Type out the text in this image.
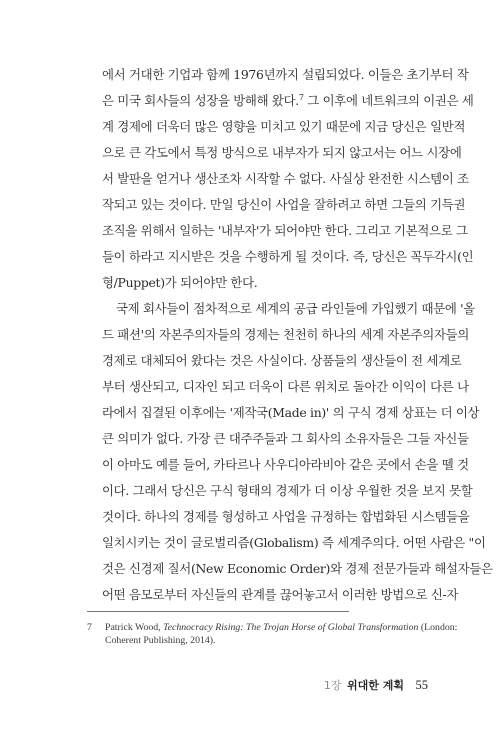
에서 거대한 기업과 함께 1976년까지 설립되었다. 이들은 초기부터 작
은 미국 회사들의 성장을 방해해 왔다.$^7$ 그 이후에 네트워크의 이권은 세
계 경제에 더욱더 많은 영향을 미치고 있기 때문에 지금 당신은 일반적
으로 큰 각도에서 특정 방식으로 내부자가 되지 않고서는 어느 시장에
서 발판을 얻거나 생산조차 시작할 수 없다. 사실상 완전한 시스템이 조
작되고 있는 것이다. 만일 당신이 사업을 잘하려고 하면 그들의 기득권
조직을 위해서 일하는 '내부자'가 되어야만 한다. 그리고 기본적으로 그
들이 하라고 지시받은 것을 수행하게 될 것이다. 즉, 당신은 꼭두각시(인
형/Puppet)가 되어야만 한다.
국제 회사들이 점차적으로 세계의 공급 라인들에 가입했기 때문에 '올
드 패션'의 자본주의자들의 경제는 천천히 하나의 세계 자본주의자들의
경제로 대체되어 왔다는 것은 사실이다. 상품들의 생산들이 전 세계로
부터 생산되고, 디자인 되고 더욱이 다른 위치로 돌아간 이익이 다른 나
라에서 집결된 이후에는 '제작국(Made in)' 의 구식 경제 상표는 더 이상
큰 의미가 없다. 가장 큰 대주주들과 그 회사의 소유자들은 그들 자신들
이 아마도 예를 들어, 카타르나 사우디아라비아 같은 곳에서 손을 뗄 것
이다. 그래서 당신은 구식 형태의 경제가 더 이상 우월한 것을 보지 못할
것이다. 하나의 경제를 형성하고 사업을 규정하는 합법화된 시스템들을
일치시키는 것이 글로벌리즘(Globalism) 즉 세계주의다. 어떤 사람은 "이
것은 신경제 질서(New Economic Order)와 경제 전문가들과 해설자들은
어떤 음모로부터 자신들의 관계를 끊어놓고서 이러한 방법으로 신-자
7 Patrick Wood, Technocracy Rising: The Trojan Horse of Global Transformation (London:
Coherent Publishing, 2014).
1장 위대한 계획 55
